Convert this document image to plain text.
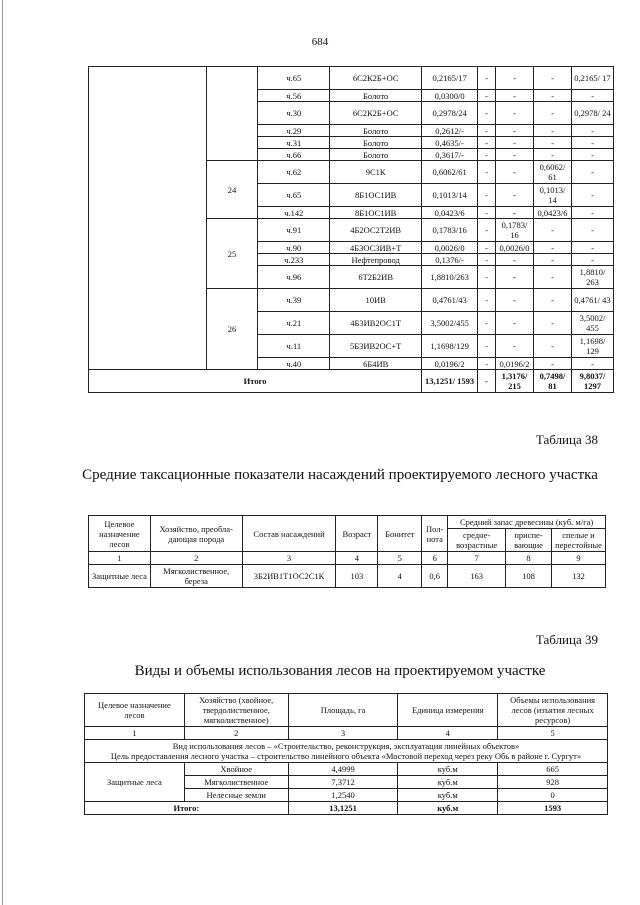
684
		ч.65	6С2К2Б+ОС	0,2165/17	-	-	-	0,2165/ 17
		ч.56	Болото	0,0300/0	-	-	-	-
		ч.30	6С2К2Б+ОС	0,2978/24	-	-	-	0,2978/ 24
		ч.29	Болото	0,2612/-	-	-	-	-
		ч.31	Болото	0,4635/-	-	-	-	-
		ч.66	Болото	0,3617/-	-	-	-	-
	24	ч.62	9С1К	0,6062/61	-	-	0,6062/ 61	-
		ч.65	8Б1ОС1ИВ	0,1013/14	-	-	0,1013/ 14	-
		ч.142	8Б1ОС1ИВ	0,0423/6	-	-	0,0423/6	-
	25	ч.91	4Б2ОС2Т2ИВ	0,1783/16	-	0,1783/ 16	-	-
		ч.90	4Б3ОС3ИВ+Т	0,0026/0	-	0,0026/0	-	-
		ч.233	Нефтепровод	0,1376/-	-	-	-	-
		ч.96	6Т2Б2ИВ	1,8810/263	-	-	-	1,8810/ 263
	26	ч.39	10ИВ	0,4761/43	-	-	-	0,4761/ 43
		ч.21	4Б3ИВ2ОС1Т	3,5002/455	-	-	-	3,5002/ 455
		ч.11	5Б3ИВ2ОС+Т	1,1698/129	-	-	-	1,1698/ 129
		ч.40	6Б4ИВ	0,0196/2	-	0,0196/2	-	-
Итого				13,1251/ 1593	-	1,3176/ 215	0,7498/ 81	9,8037/ 1297
Таблица 38
Средние таксационные показатели насаждений проектируемого лесного участка
Целевое назначение лесов	Хозяйство, преобла- дающая порода	Состав насаждений	Возраст	Бонитет	Пол- нота	Средний запас древесины (куб. м/га)		
						средне- возрастные	приспе- вающие	спелые и перестойные
1	2	3	4	5	6	7	8	9
Защитные леса	Мягколиственное, береза	3Б2ИВ1Т1ОС2С1К	103	4	0,6	163	108	132
Таблица 39
Виды и объемы использования лесов на проектируемом участке
Целевое назначение лесов	Хозяйство (хвойное, твердолиственное, мягколиственное)	Площадь, га	Единица измерения	Объемы использования лесов (изъятия лесных ресурсов)
1	2	3	4	5

Вид использования лесов – «Строительство, реконструкция, эксплуатация линейных объектов»
Цель предоставления лесного участка – строительство линейного объекта «Мостовой переход через реку Обь в районе г. Сургут»				

Защитные леса	Хвойное	4,4999	куб.м	665
	Мягколиственное	7,3712	куб.м	928
	Нелесные земли	1,2540	куб.м	0
Итого:		13,1251	куб.м	1593
